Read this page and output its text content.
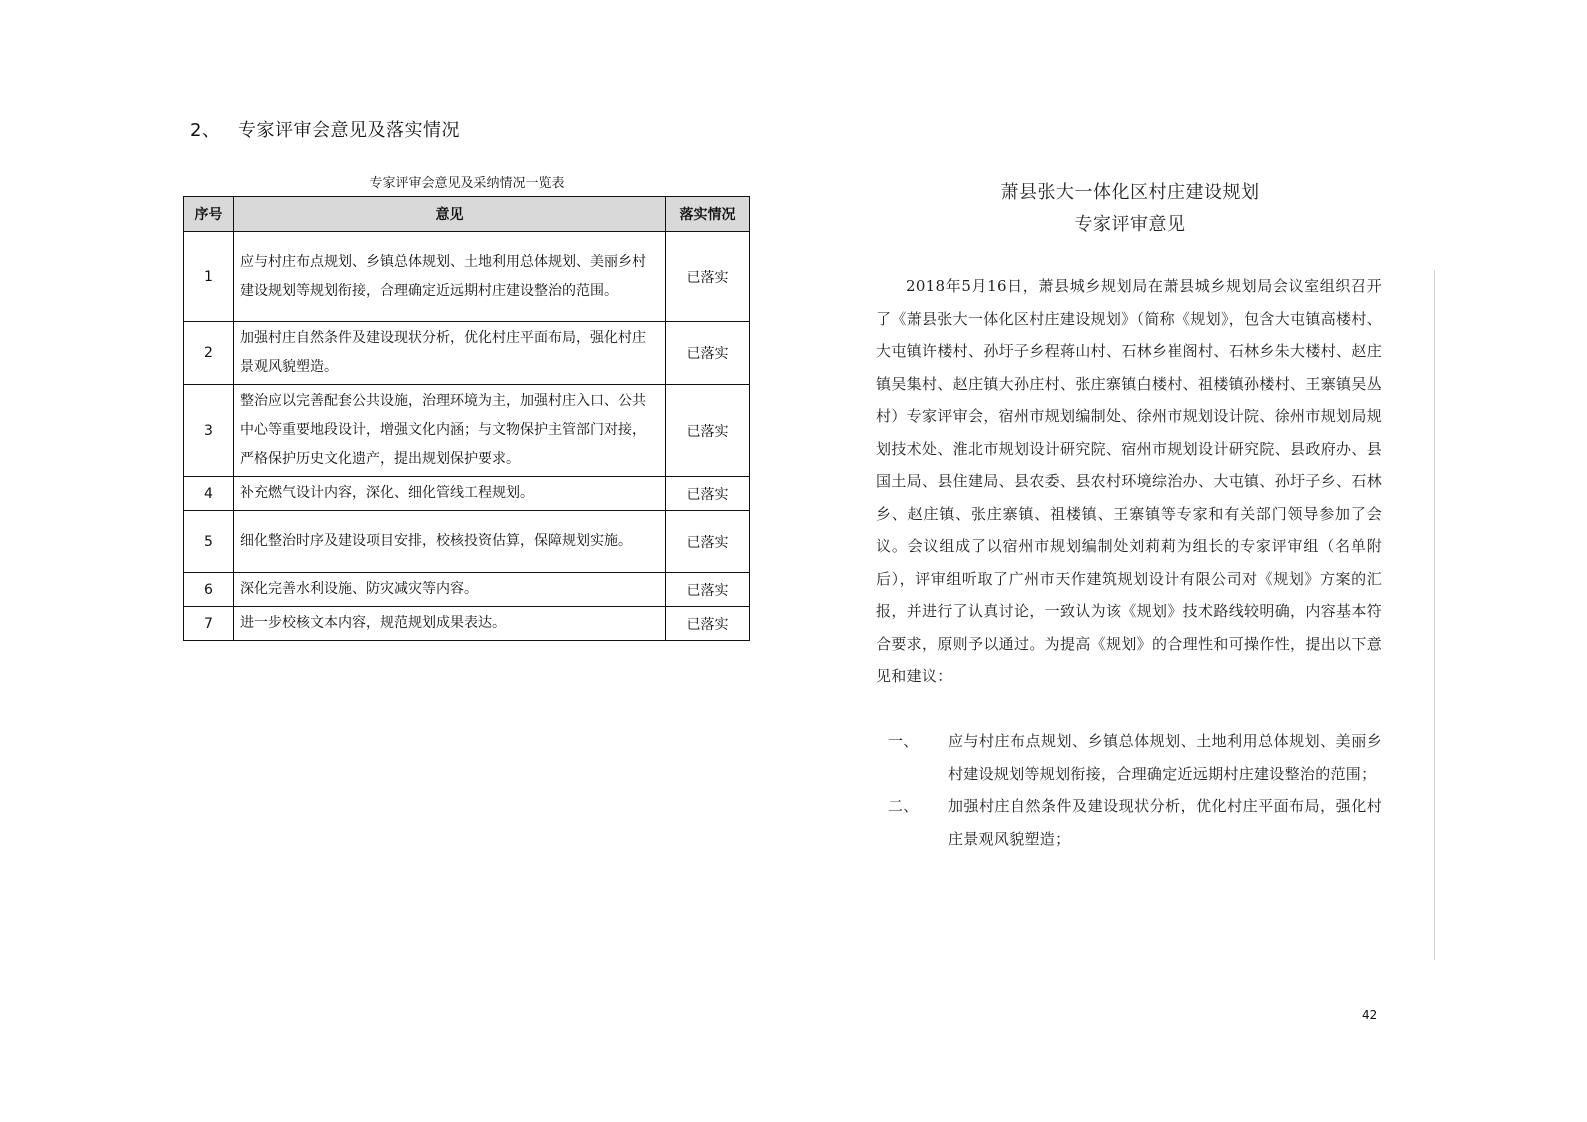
2、 专家评审会意见及落实情况
专家评审会意见及采纳情况一览表
序号	意见	落实情况
1	应与村庄布点规划、乡镇总体规划、土地利用总体规划、美丽乡村建设规划等规划衔接，合理确定近远期村庄建设整治的范围。	已落实
2	加强村庄自然条件及建设现状分析，优化村庄平面布局，强化村庄景观风貌塑造。	已落实
3	整治应以完善配套公共设施，治理环境为主，加强村庄入口、公共中心等重要地段设计，增强文化内涵；与文物保护主管部门对接，严格保护历史文化遗产，提出规划保护要求。	已落实
4	补充燃气设计内容，深化、细化管线工程规划。	已落实
5	细化整治时序及建设项目安排，校核投资估算，保障规划实施。	已落实
6	深化完善水利设施、防灾减灾等内容。	已落实
7	进一步校核文本内容，规范规划成果表达。	已落实
萧县张大一体化区村庄建设规划
专家评审意见
2018年5月16日，萧县城乡规划局在萧县城乡规划局会议室组织召开了《萧县张大一体化区村庄建设规划》（简称《规划》，包含大屯镇高楼村、大屯镇许楼村、孙圩子乡程蒋山村、石林乡崔阁村、石林乡朱大楼村、赵庄镇吴集村、赵庄镇大孙庄村、张庄寨镇白楼村、祖楼镇孙楼村、王寨镇吴丛村）专家评审会，宿州市规划编制处、徐州市规划设计院、徐州市规划局规划技术处、淮北市规划设计研究院、宿州市规划设计研究院、县政府办、县国土局、县住建局、县农委、县农村环境综治办、大屯镇、孙圩子乡、石林乡、赵庄镇、张庄寨镇、祖楼镇、王寨镇等专家和有关部门领导参加了会议。会议组成了以宿州市规划编制处刘莉莉为组长的专家评审组（名单附后），评审组听取了广州市天作建筑规划设计有限公司对《规划》方案的汇报，并进行了认真讨论，一致认为该《规划》技术路线较明确，内容基本符合要求，原则予以通过。为提高《规划》的合理性和可操作性，提出以下意见和建议：
一、	应与村庄布点规划、乡镇总体规划、土地利用总体规划、美丽乡村建设规划等规划衔接，合理确定近远期村庄建设整治的范围；
二、	加强村庄自然条件及建设现状分析，优化村庄平面布局，强化村庄景观风貌塑造；
42
